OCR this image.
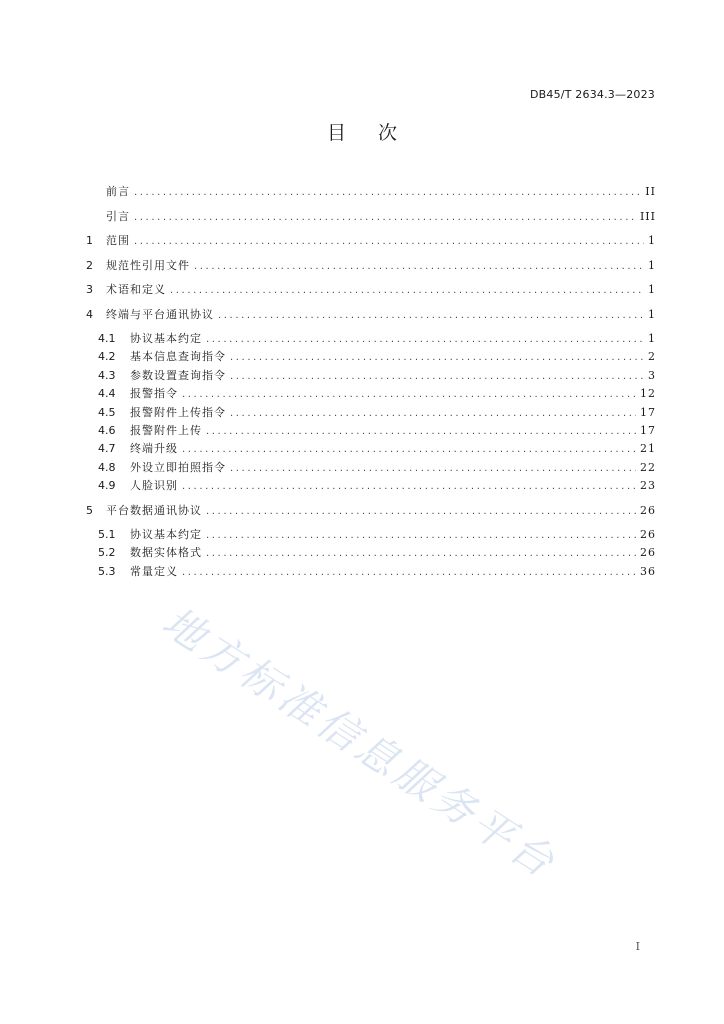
DB45/T 2634.3—2023
目次
前言 .....	II
引言 .....	III
1	范围 .....	1
2	规范性引用文件 .....	1
3	术语和定义 .....	1
4	终端与平台通讯协议 .....	1
4.1	协议基本约定 .....	1
4.2	基本信息查询指令 .....	2
4.3	参数设置查询指令 .....	3
4.4	报警指令 .....	12
4.5	报警附件上传指令 .....	17
4.6	报警附件上传 .....	17
4.7	终端升级 .....	21
4.8	外设立即拍照指令 .....	22
4.9	人脸识别 .....	23
5	平台数据通讯协议 .....	26
5.1	协议基本约定 .....	26
5.2	数据实体格式 .....	26
5.3	常量定义 .....	36
地方标准信息服务平台
I
